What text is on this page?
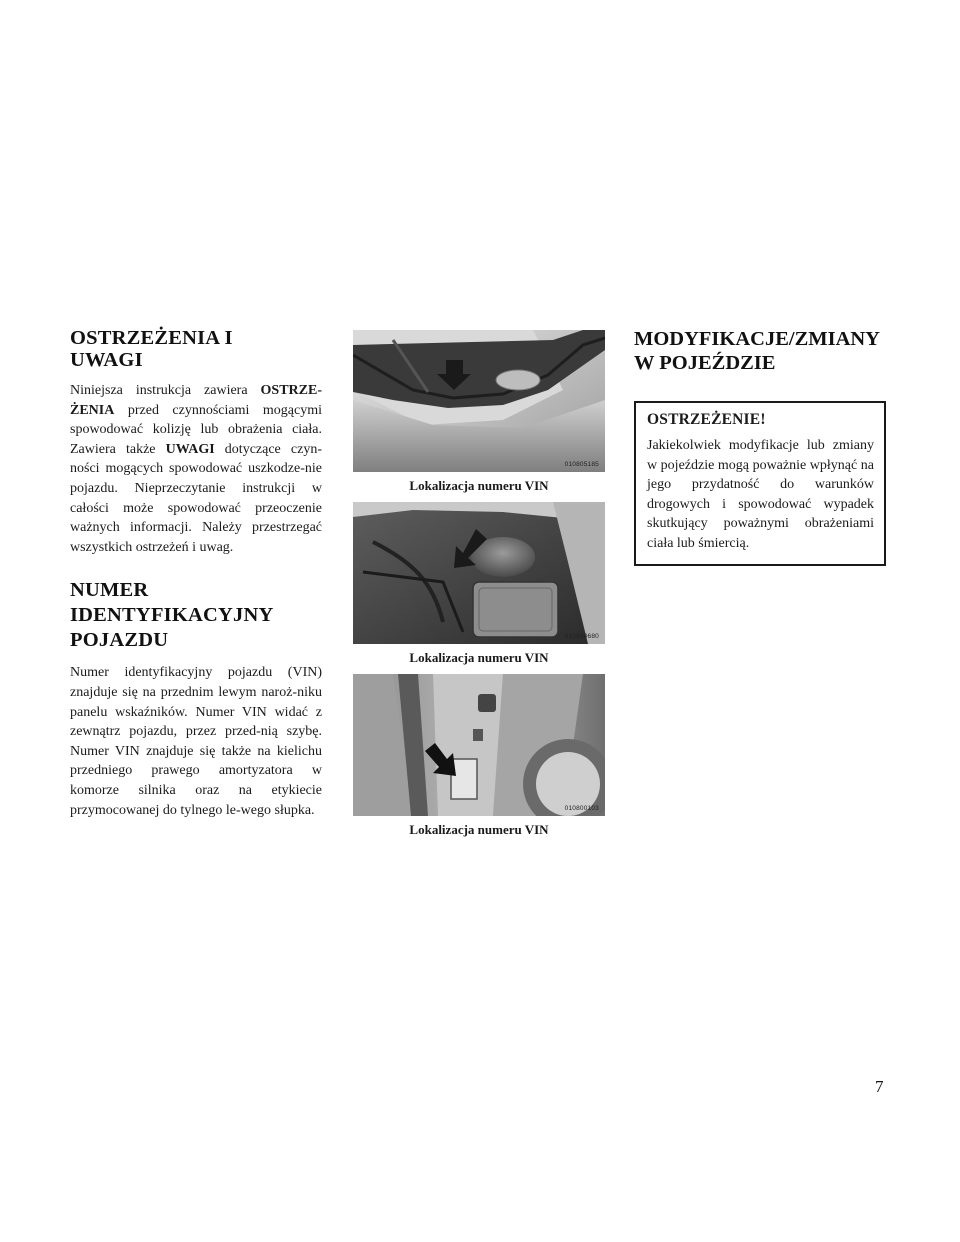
OSTRZEŻENIA I UWAGI

Niniejsza instrukcja zawiera OSTRZE-ŻENIA przed czynnościami mogącymi spowodować kolizję lub obrażenia ciała. Zawiera także UWAGI dotyczące czyn-ności mogących spowodować uszkodze-nie pojazdu. Nieprzeczytanie instrukcji w całości może spowodować przeoczenie ważnych informacji. Należy przestrzegać wszystkich ostrzeżeń i uwag.

NUMER IDENTYFIKACYJNY POJAZDU

Numer identyfikacyjny pojazdu (VIN) znajduje się na przednim lewym naroż-niku panelu wskaźników. Numer VIN widać z zewnątrz pojazdu, przez przed-nią szybę. Numer VIN znajduje się także na kielichu przedniego prawego amortyzatora w komorze silnika oraz na etykiecie przymocowanej do tylnego le-wego słupka.

010805185
Lokalizacja numeru VIN
010840680
Lokalizacja numeru VIN
010800103
Lokalizacja numeru VIN
MODYFIKACJE/ZMIANY W POJEŹDZIE
OSTRZEŻENIE!

Jakiekolwiek modyfikacje lub zmiany w pojeździe mogą poważnie wpłynąć na jego przydatność do warunków drogowych i spowodować wypadek skutkujący poważnymi obrażeniami ciała lub śmiercią.

7
